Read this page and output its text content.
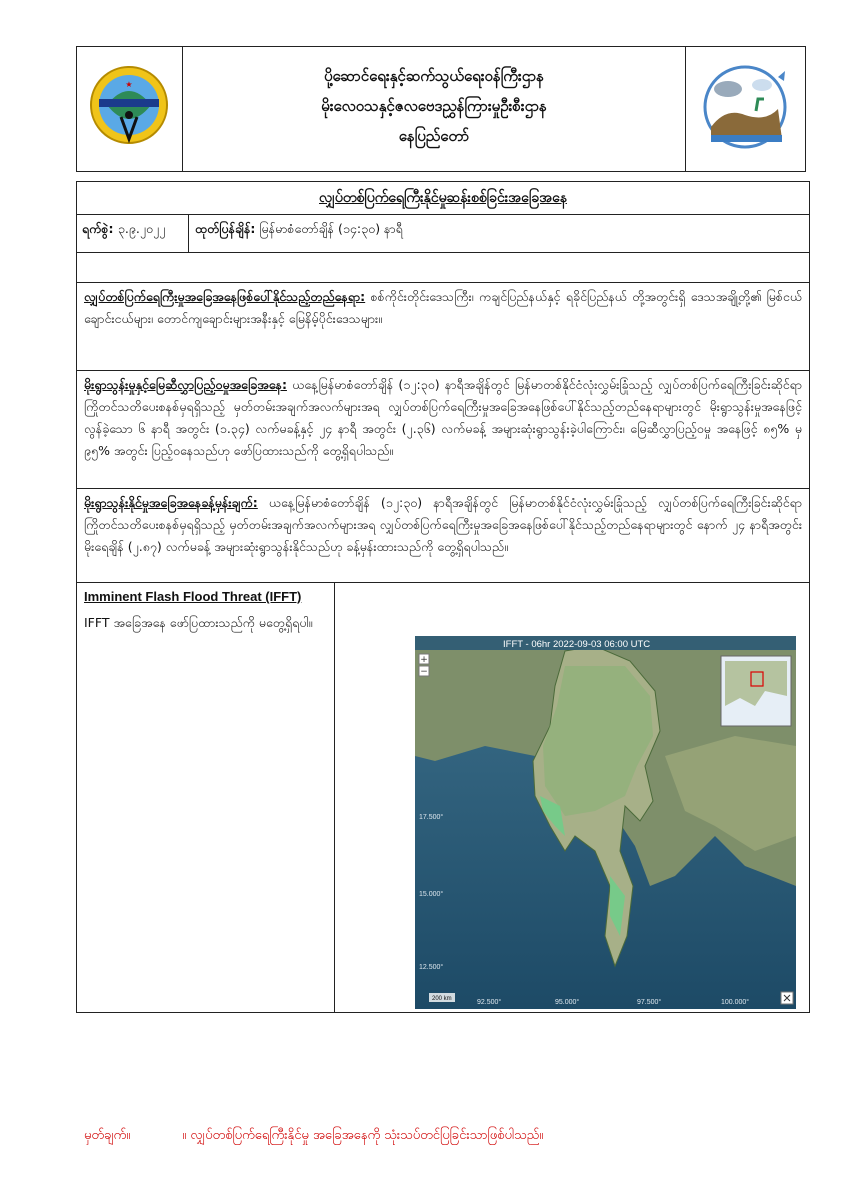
★	ပို့ဆောင်ရေးနှင့်ဆက်သွယ်ရေးဝန်ကြီးဌာန
မိုးလေဝသနှင့်ဇလဗေဒညွှန်ကြားမှုဦးစီးဌာန
နေပြည်တော်
လျှပ်တစ်ပြက်ရေကြီးနိုင်မှုဆန်းစစ်ခြင်းအခြေအနေ
ရက်စွဲ: ၃.၉.၂၀၂၂	ထုတ်ပြန်ချိန်: မြန်မာစံတော်ချိန် (၁၄:၃၀) နာရီ
လျှပ်တစ်ပြက်ရေကြီးမှုအခြေအနေဖြစ်ပေါ်နိုင်သည့်တည်နေရာ: စစ်ကိုင်းတိုင်းဒေသကြီး၊ ကချင်ပြည်နယ်နှင့် ရခိုင်ပြည်နယ် တို့အတွင်းရှိ ဒေသအချို့တို့၏ မြစ်ငယ်ချောင်းငယ်များ၊ တောင်ကျချောင်းများအနီးနှင့် မြေနိမ့်ပိုင်းဒေသများ။
မိုးရွာသွန်းမှုနှင့်မြေဆီလွှာပြည့်ဝမှုအခြေအနေ: ယနေ့မြန်မာစံတော်ချိန် (၁၂:၃၀) နာရီအချိန်တွင် မြန်မာတစ်နိုင်ငံလုံးလွှမ်းခြုံသည့် လျှပ်တစ်ပြက်ရေကြီးခြင်းဆိုင်ရာ ကြိုတင်သတိပေးစနစ်မှရရှိသည့် မှတ်တမ်းအချက်အလက်များအရ လျှပ်တစ်ပြက်ရေကြီးမှုအခြေအနေဖြစ်ပေါ်နိုင်သည့်တည်နေရာများတွင် မိုးရွာသွန်းမှုအနေဖြင့် လွန်ခဲ့သော ၆ နာရီ အတွင်း (၁.၃၄) လက်မခန့်နှင့် ၂၄ နာရီ အတွင်း (၂.၃၆) လက်မခန့် အများဆုံးရွာသွန်းခဲ့ပါကြောင်း၊ မြေဆီလွှာပြည့်ဝမှု အနေဖြင့် ၈၅% မှ ၉၅% အတွင်း ပြည့်ဝနေသည်ဟု ဖော်ပြထားသည်ကို တွေ့ရှိရပါသည်။
မိုးရွာသွန်းနိုင်မှုအခြေအနေခန့်မှန်းချက်: ယနေ့မြန်မာစံတော်ချိန် (၁၂:၃၀) နာရီအချိန်တွင် မြန်မာတစ်နိုင်ငံလုံးလွှမ်းခြုံသည့် လျှပ်တစ်ပြက်ရေကြီးခြင်းဆိုင်ရာ ကြိုတင်သတိပေးစနစ်မှရရှိသည့် မှတ်တမ်းအချက်အလက်များအရ လျှပ်တစ်ပြက်ရေကြီးမှုအခြေအနေဖြစ်ပေါ်နိုင်သည့်တည်နေရာများတွင် နောက် ၂၄ နာရီအတွင်း မိုးရေချိန် (၂.၈၇) လက်မခန့် အများဆုံးရွာသွန်းနိုင်သည်ဟု ခန့်မှန်းထားသည်ကို တွေ့ရှိရပါသည်။
Imminent Flash Flood Threat (IFFT)
IFFT အခြေအနေ ဖော်ပြထားသည်ကို မတွေ့ရှိရပါ။
IFFT - 06hr 2022-09-03 06:00 UTC
+
−
17.500°
15.000°
12.500°
92.500°	95.000°	97.500°	100.000°
200 km
မှတ်ချက်။	။ လျှပ်တစ်ပြက်ရေကြီးနိုင်မှု အခြေအနေကို သုံးသပ်တင်ပြခြင်းသာဖြစ်ပါသည်။
